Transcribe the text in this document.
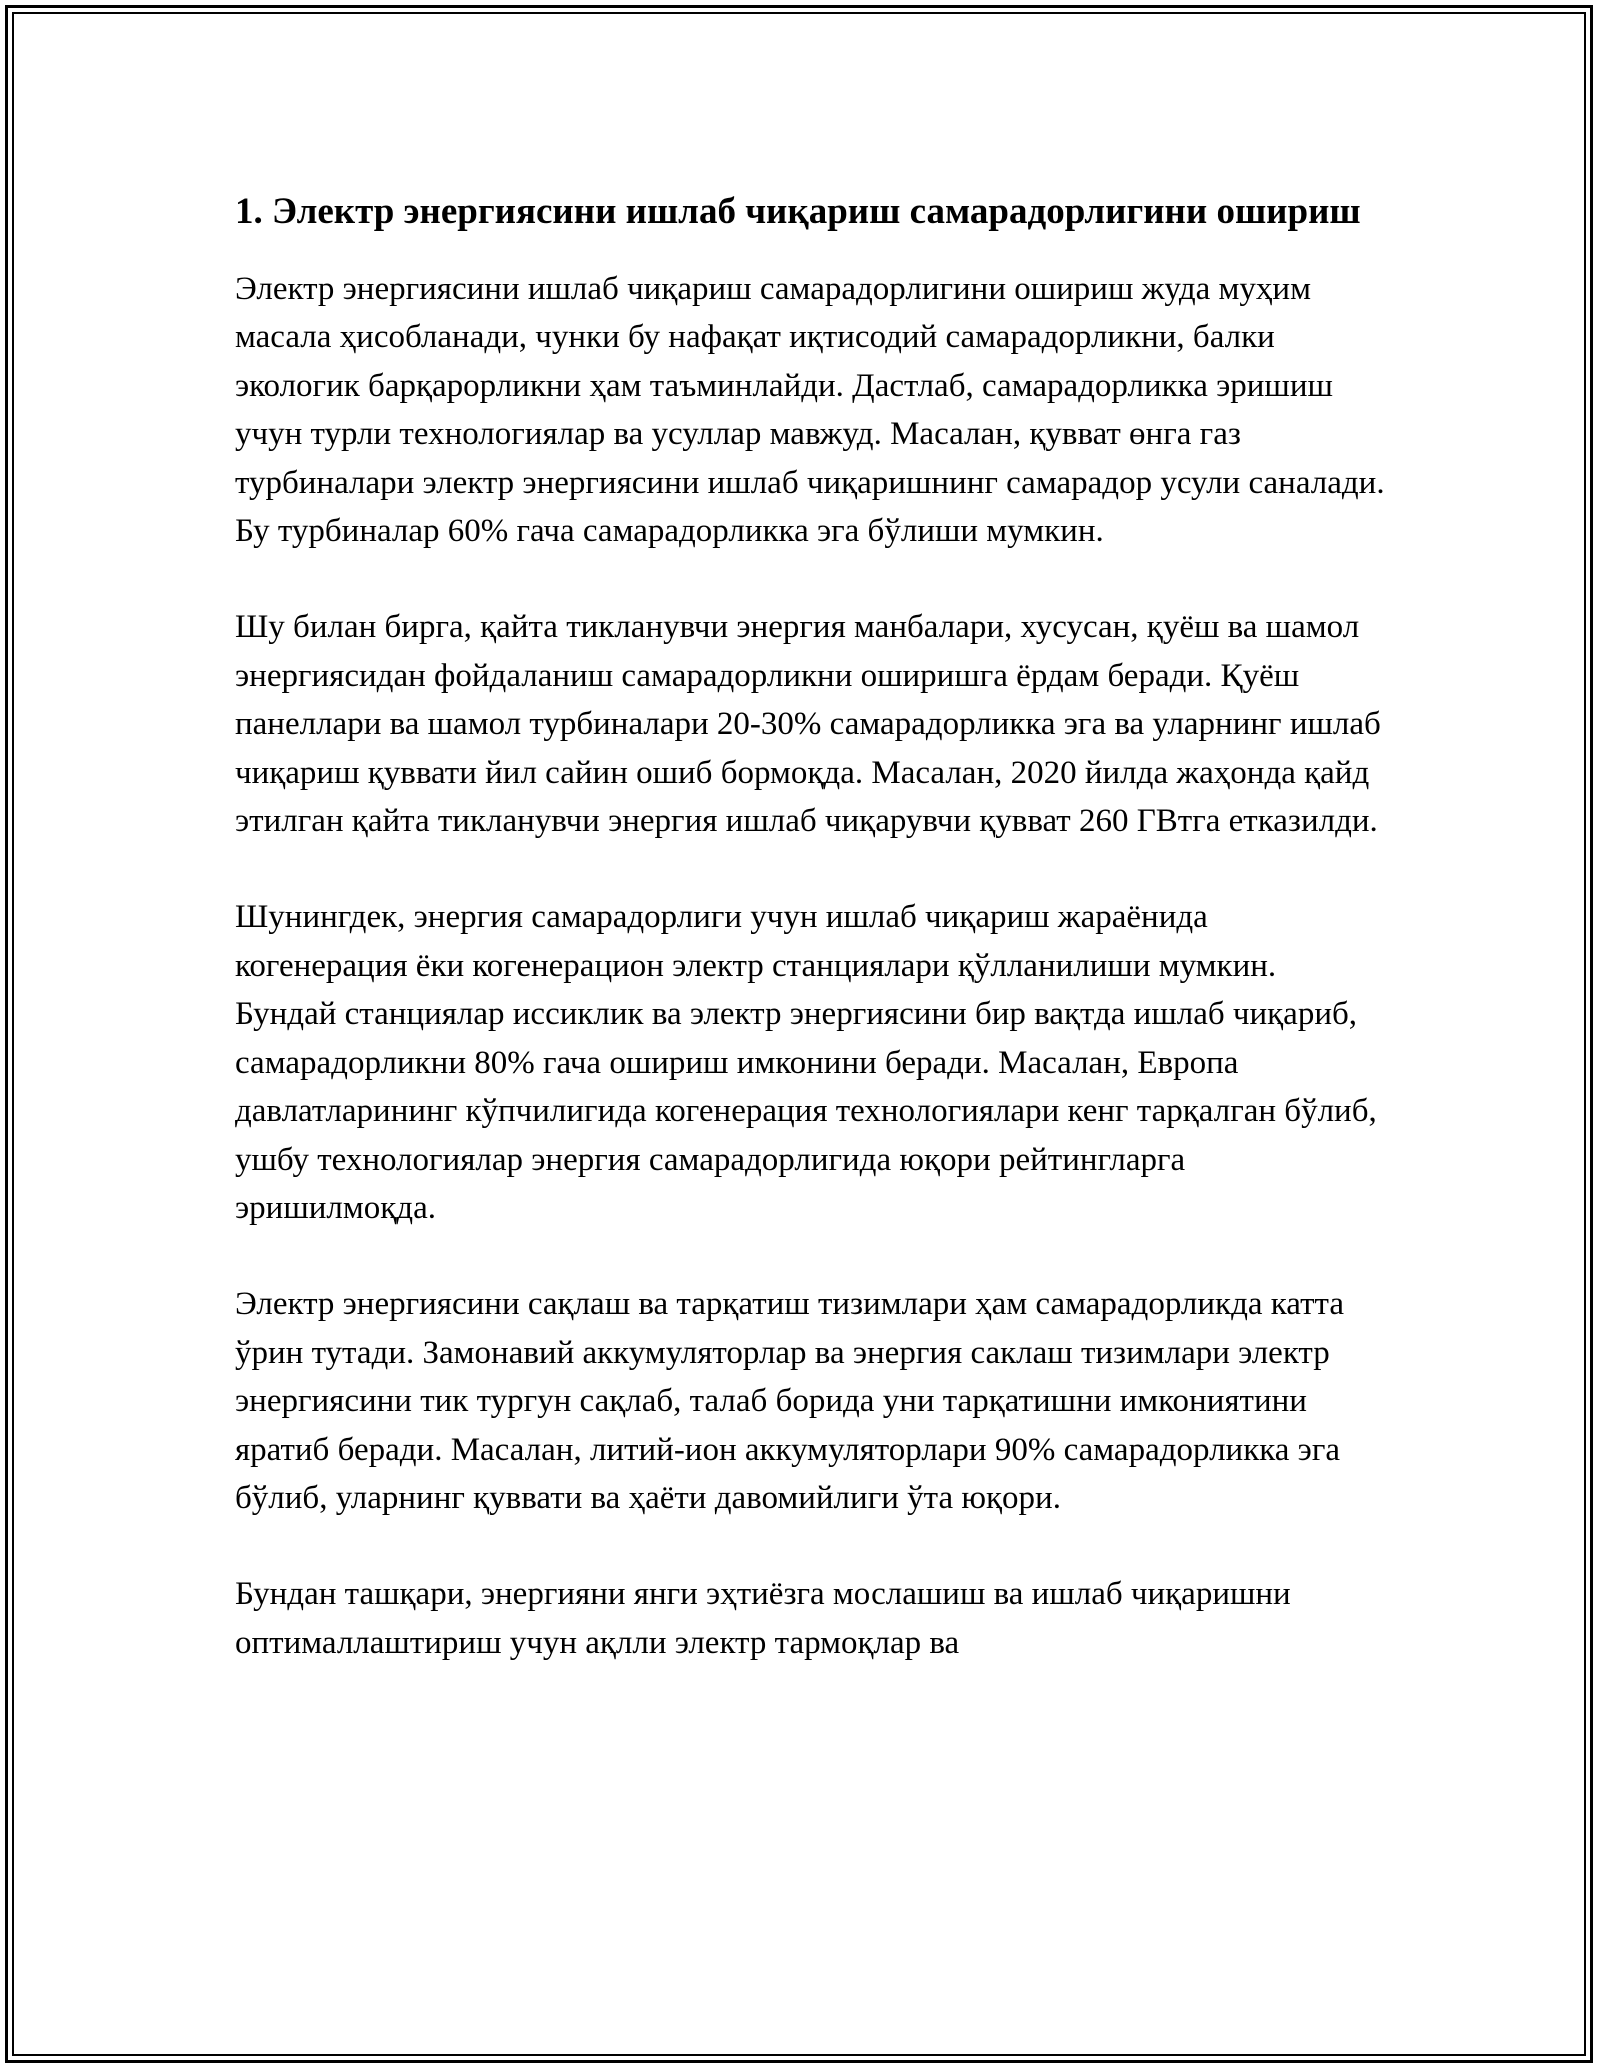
1. Электр энергиясини ишлаб чиқариш самарадорлигини ошириш

Электр энергиясини ишлаб чиқариш самарадорлигини ошириш жуда муҳим масала ҳисобланади, чунки бу нафақат иқтисодий самарадорликни, балки экологик барқарорликни ҳам таъминлайди. Дастлаб, самарадорликка эришиш учун турли технологиялар ва усуллар мавжуд. Масалан, қувват өнга газ турбиналари электр энергиясини ишлаб чиқаришнинг самарадор усули саналади. Бу турбиналар 60% гача самарадорликка эга бўлиши мумкин.

Шу билан бирга, қайта тикланувчи энергия манбалари, хусусан, қуёш ва шамол энергиясидан фойдаланиш самарадорликни оширишга ёрдам беради. Қуёш панеллари ва шамол турбиналари 20-30% самарадорликка эга ва уларнинг ишлаб чиқариш қуввати йил сайин ошиб бормоқда. Масалан, 2020 йилда жаҳонда қайд этилган қайта тикланувчи энергия ишлаб чиқарувчи қувват 260 ГВтга етказилди.

Шунингдек, энергия самарадорлиги учун ишлаб чиқариш жараёнида когенерация ёки когенерацион электр станциялари қўлланилиши мумкин. Бундай станциялар иссиклик ва электр энергиясини бир вақтда ишлаб чиқариб, самарадорликни 80% гача ошириш имконини беради. Масалан, Европа давлатларининг кўпчилигида когенерация технологиялари кенг тарқалган бўлиб, ушбу технологиялар энергия самарадорлигида юқори рейтингларга эришилмоқда.

Электр энергиясини сақлаш ва тарқатиш тизимлари ҳам самарадорликда катта ўрин тутади. Замонавий аккумуляторлар ва энергия саклаш тизимлари электр энергиясини тик тургун сақлаб, талаб борида уни тарқатишни имкониятини яратиб беради. Масалан, литий-ион аккумуляторлари 90% самарадорликка эга бўлиб, уларнинг қуввати ва ҳаёти давомийлиги ўта юқори.

Бундан ташқари, энергияни янги эҳтиёзга мослашиш ва ишлаб чиқаришни оптималлаштириш учун ақлли электр тармоқлар ва
